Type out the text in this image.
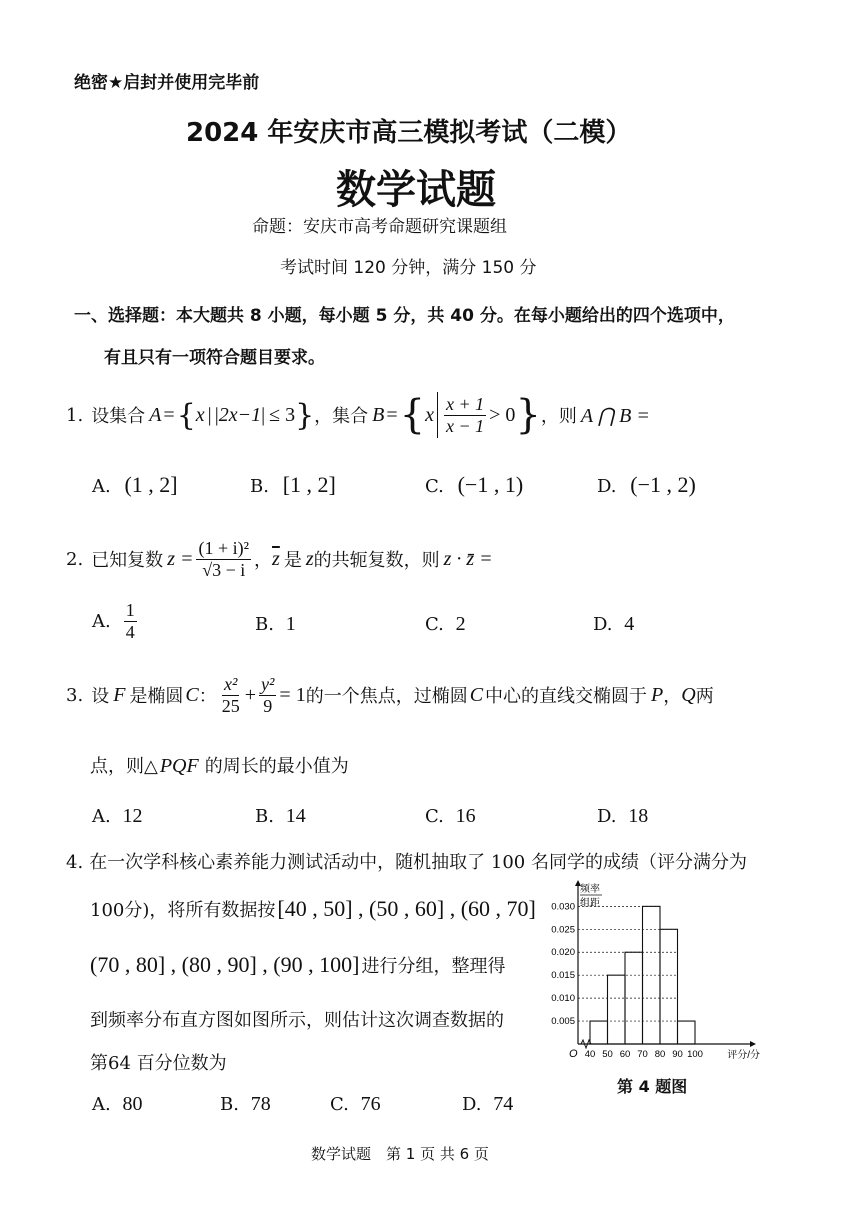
绝密★启封并使用完毕前
2024 年安庆市高三模拟考试（二模）
数学试题
命题：安庆市高考命题研究课题组
考试时间 120 分钟，满分 150 分
一、选择题：本大题共 8 小题，每小题 5 分，共 40 分。在每小题给出的四个选项中，
有且只有一项符合题目要求。
1. 设集合 A = { x | | 2x−1 | ≤ 3 } ，集合 B = { x $\frac{x + 1}{x - 1} > 0$ } ，则 A ⋂ B =
A. (1 , 2]	B. [1 , 2]	C. (−1 , 1)	D. (−1 , 2)
2. 已知复数 $z = \frac{\text{(1 + i)²}}{√3 - i}$ ， $\overline{z}$ 是 z 的共轭复数，则 z · z̄ =
A. $\frac{1}{4}$	B. 1	C. 2	D. 4
3. 设 F 是椭圆 C ： $\frac{\text{x²}}{25} + \frac{\text{y²}}{9} = 1$ 的一个焦点，过椭圆 C 中心的直线交椭圆于 P ， Q 两
点，则△ PQF 的周长的最小值为
A. 12	B. 14	C. 16	D. 18
4. 在一次学科核心素养能力测试活动中，随机抽取了 100 名同学的成绩（评分满分为
100分)，将所有数据按[40 , 50] , (50 , 60] , (60 , 70]
(70 , 80] , (80 , 90] , (90 , 100] 进行分组，整理得
到频率分布直方图如图所示，则估计这次调查数据的
第64 百分位数为
A. 80	B. 78	C. 76	D. 74
频率
组距
0.005
0.010
0.015
0.020
0.025
0.030
O 40 50 60 70 80 90 100 评分/分
第 4 题图
数学试题　第 1 页 共 6 页
